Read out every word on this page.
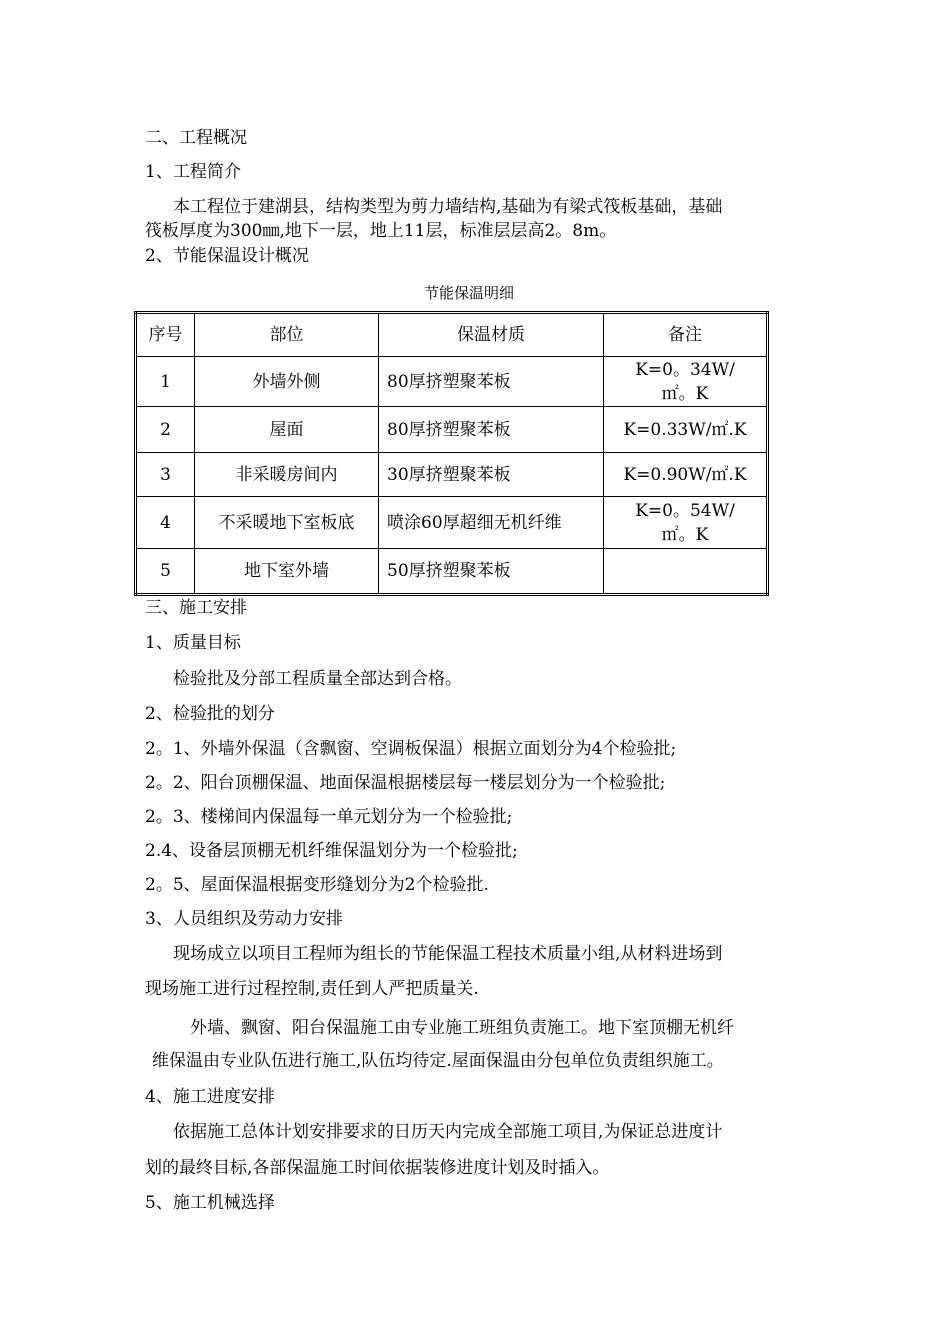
二、工程概况
1、工程简介
本工程位于建湖县，结构类型为剪力墙结构,基础为有梁式筏板基础，基础
筏板厚度为300㎜,地下一层，地上11层，标准层层高2。8m。
2、节能保温设计概况
节能保温明细
序号	部位	保温材质	备注
1	外墙外侧	80厚挤塑聚苯板	K=0。34W/
㎡。K

2	屋面	80厚挤塑聚苯板	K=0.33W/㎡.K
3	非采暖房间内	30厚挤塑聚苯板	K=0.90W/㎡.K
4	不采暖地下室板底	喷涂60厚超细无机纤维	K=0。54W/
㎡。K

5	地下室外墙	50厚挤塑聚苯板	
三、施工安排
1、质量目标
检验批及分部工程质量全部达到合格。
2、检验批的划分
2。1、外墙外保温（含飘窗、空调板保温）根据立面划分为4个检验批;
2。2、阳台顶棚保温、地面保温根据楼层每一楼层划分为一个检验批;
2。3、楼梯间内保温每一单元划分为一个检验批;
2.4、设备层顶棚无机纤维保温划分为一个检验批;
2。5、屋面保温根据变形缝划分为2个检验批.
3、人员组织及劳动力安排
现场成立以项目工程师为组长的节能保温工程技术质量小组,从材料进场到
现场施工进行过程控制,责任到人严把质量关.
外墙、飘窗、阳台保温施工由专业施工班组负责施工。地下室顶棚无机纤
维保温由专业队伍进行施工,队伍均待定.屋面保温由分包单位负责组织施工。
4、施工进度安排
依据施工总体计划安排要求的日历天内完成全部施工项目,为保证总进度计
划的最终目标,各部保温施工时间依据装修进度计划及时插入。
5、施工机械选择
